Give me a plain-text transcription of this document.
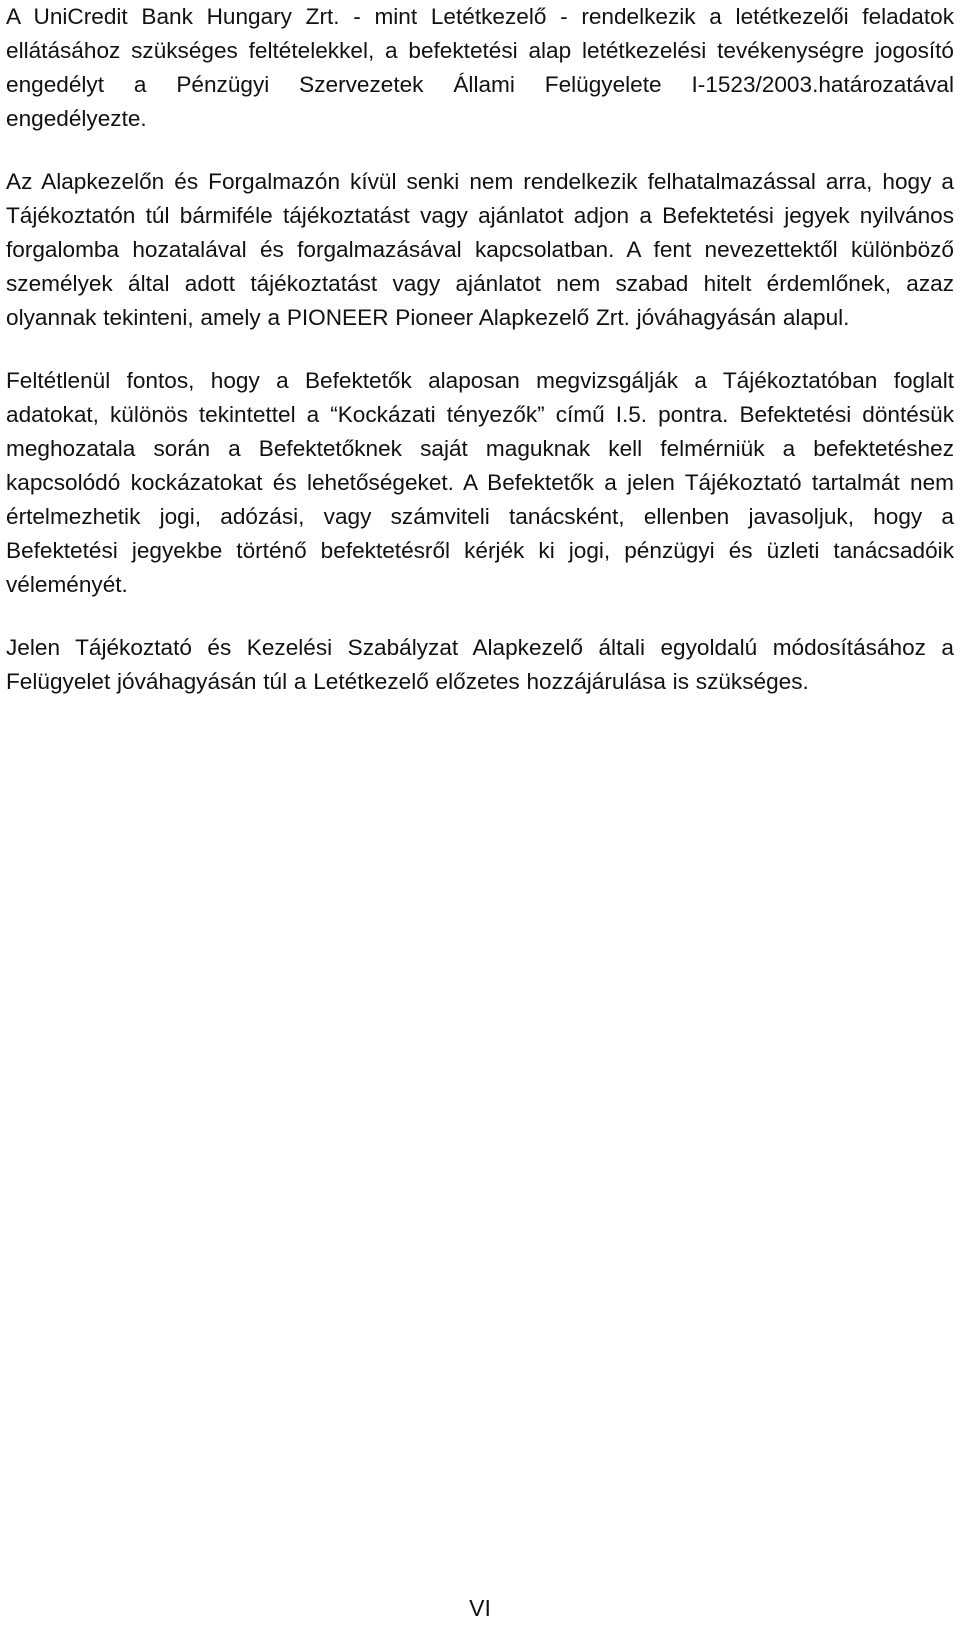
A UniCredit Bank Hungary Zrt. - mint Letétkezelő - rendelkezik a letétkezelői feladatok ellátásához szükséges feltételekkel, a befektetési alap letétkezelési tevékenységre jogosító engedélyt a Pénzügyi Szervezetek Állami Felügyelete I-1523/2003.határozatával engedélyezte.

Az Alapkezelőn és Forgalmazón kívül senki nem rendelkezik felhatalmazással arra, hogy a Tájékoztatón túl bármiféle tájékoztatást vagy ajánlatot adjon a Befektetési jegyek nyilvános forgalomba hozatalával és forgalmazásával kapcsolatban. A fent nevezettektől különböző személyek által adott tájékoztatást vagy ajánlatot nem szabad hitelt érdemlőnek, azaz olyannak tekinteni, amely a PIONEER Pioneer Alapkezelő Zrt. jóváhagyásán alapul.

Feltétlenül fontos, hogy a Befektetők alaposan megvizsgálják a Tájékoztatóban foglalt adatokat, különös tekintettel a “Kockázati tényezők” című I.5. pontra. Befektetési döntésük meghozatala során a Befektetőknek saját maguknak kell felmérniük a befektetéshez kapcsolódó kockázatokat és lehetőségeket. A Befektetők a jelen Tájékoztató tartalmát nem értelmezhetik jogi, adózási, vagy számviteli tanácsként, ellenben javasoljuk, hogy a Befektetési jegyekbe történő befektetésről kérjék ki jogi, pénzügyi és üzleti tanácsadóik véleményét.

Jelen Tájékoztató és Kezelési Szabályzat Alapkezelő általi egyoldalú módosításához a Felügyelet jóváhagyásán túl a Letétkezelő előzetes hozzájárulása is szükséges.

VI
